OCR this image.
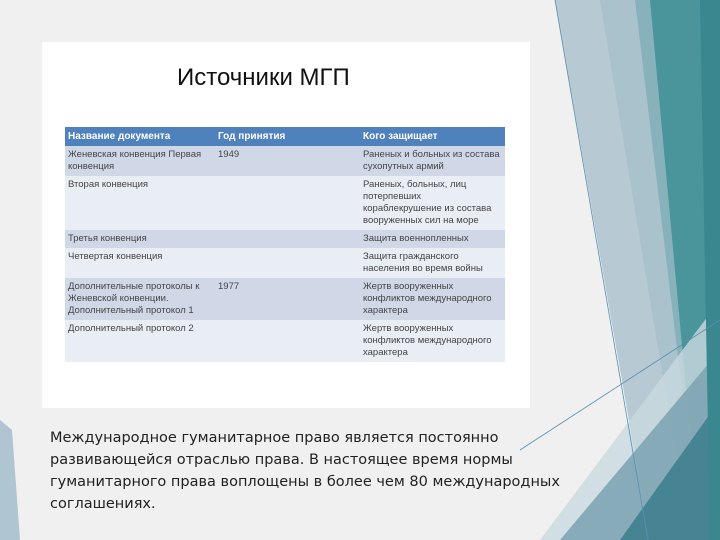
Источники МГП
Название документа	Год принятия	Кого защищает
Женевская конвенция Первая конвенция	1949	Раненых и больных из состава сухопутных армий
Вторая конвенция		Раненых, больных, лиц потерпевших кораблекрушение из состава вооруженных сил на море
Третья конвенция		Защита военнопленных
Четвертая конвенция		Защита гражданского населения во время войны
Дополнительные протоколы к Женевской конвенции. Дополнительный протокол 1	1977	Жертв вооруженных конфликтов международного характера
Дополнительный протокол 2		Жертв вооруженных конфликтов международного характера
Международное гуманитарное право является постоянно развивающейся отраслью права. В настоящее время нормы гуманитарного права воплощены в более чем 80 международных соглашениях.
